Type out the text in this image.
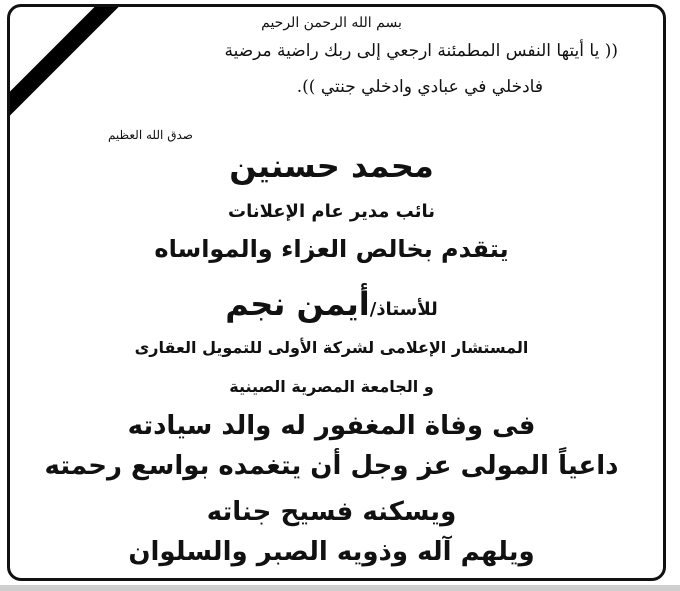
بسم الله الرحمن الرحيم
(( يا أيتها النفس المطمئنة ارجعي إلى ربك راضية مرضية
فادخلي في عبادي وادخلي جنتي )).
صدق الله العظيم
محمد حسنين
نائب مدير عام الإعلانات
يتقدم بخالص العزاء والمواساه
للأستاذ/أيمن نجم
المستشار الإعلامى لشركة الأولى للتمويل العقارى
و الجامعة المصرية الصينية
فى وفاة المغفور له والد سيادته
داعياً المولى عز وجل أن يتغمده بواسع رحمته
ويسكنه فسيح جناته
ويلهم آله وذويه الصبر والسلوان
